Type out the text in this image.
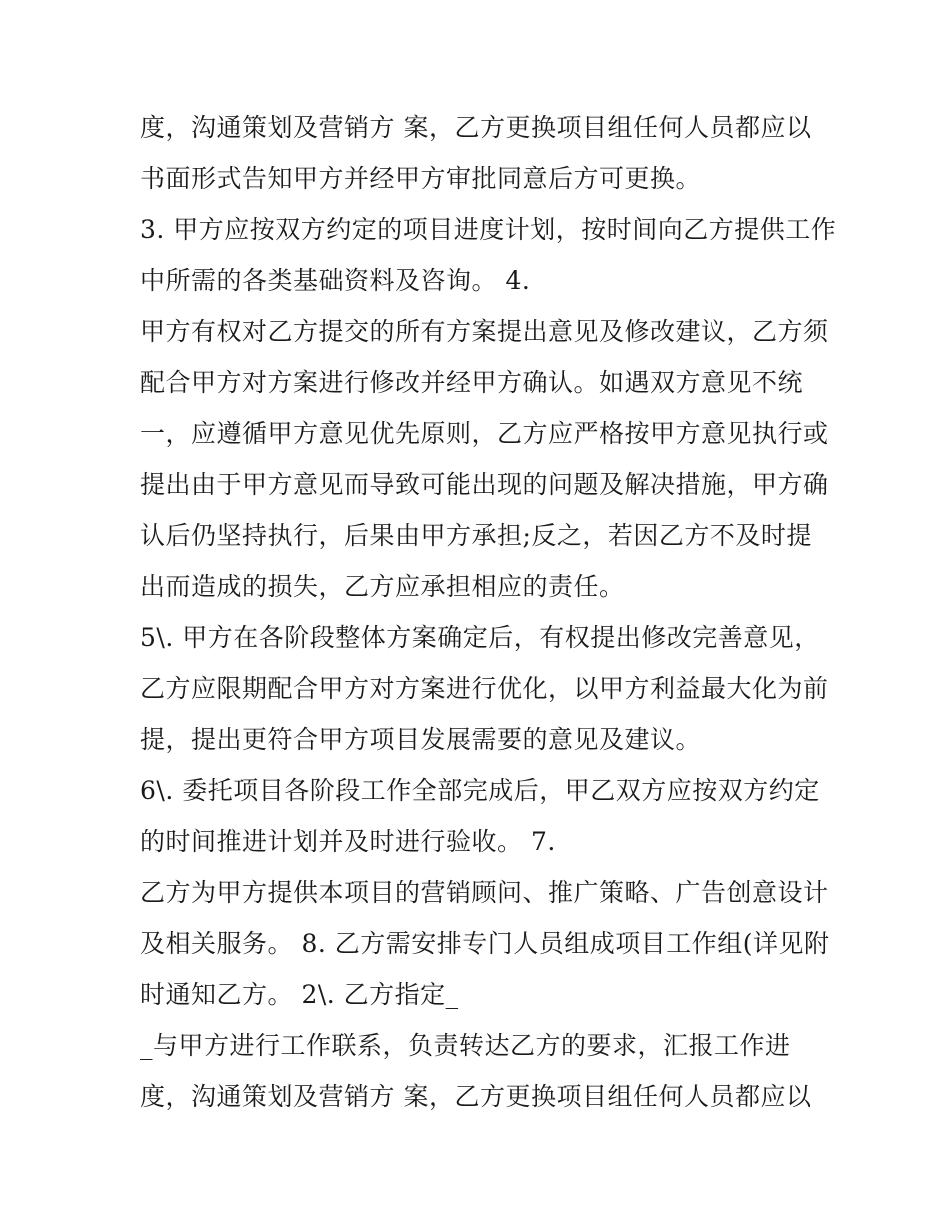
度，沟通策划及营销方 案，乙方更换项目组任何人员都应以
书面形式告知甲方并经甲方审批同意后方可更换。
3. 甲方应按双方约定的项目进度计划，按时间向乙方提供工作
中所需的各类基础资料及咨询。 4.
甲方有权对乙方提交的所有方案提出意见及修改建议，乙方须
配合甲方对方案进行修改并经甲方确认。如遇双方意见不统
一，应遵循甲方意见优先原则，乙方应严格按甲方意见执行或
提出由于甲方意见而导致可能出现的问题及解决措施，甲方确
认后仍坚持执行，后果由甲方承担;反之，若因乙方不及时提
出而造成的损失，乙方应承担相应的责任。
5\. 甲方在各阶段整体方案确定后，有权提出修改完善意见，
乙方应限期配合甲方对方案进行优化，以甲方利益最大化为前
提，提出更符合甲方项目发展需要的意见及建议。
6\. 委托项目各阶段工作全部完成后，甲乙双方应按双方约定
的时间推进计划并及时进行验收。 7.
乙方为甲方提供本项目的营销顾问、推广策略、广告创意设计
及相关服务。 8. 乙方需安排专门人员组成项目工作组(详见附
时通知乙方。 2\. 乙方指定_
_与甲方进行工作联系，负责转达乙方的要求，汇报工作进
度，沟通策划及营销方 案，乙方更换项目组任何人员都应以
